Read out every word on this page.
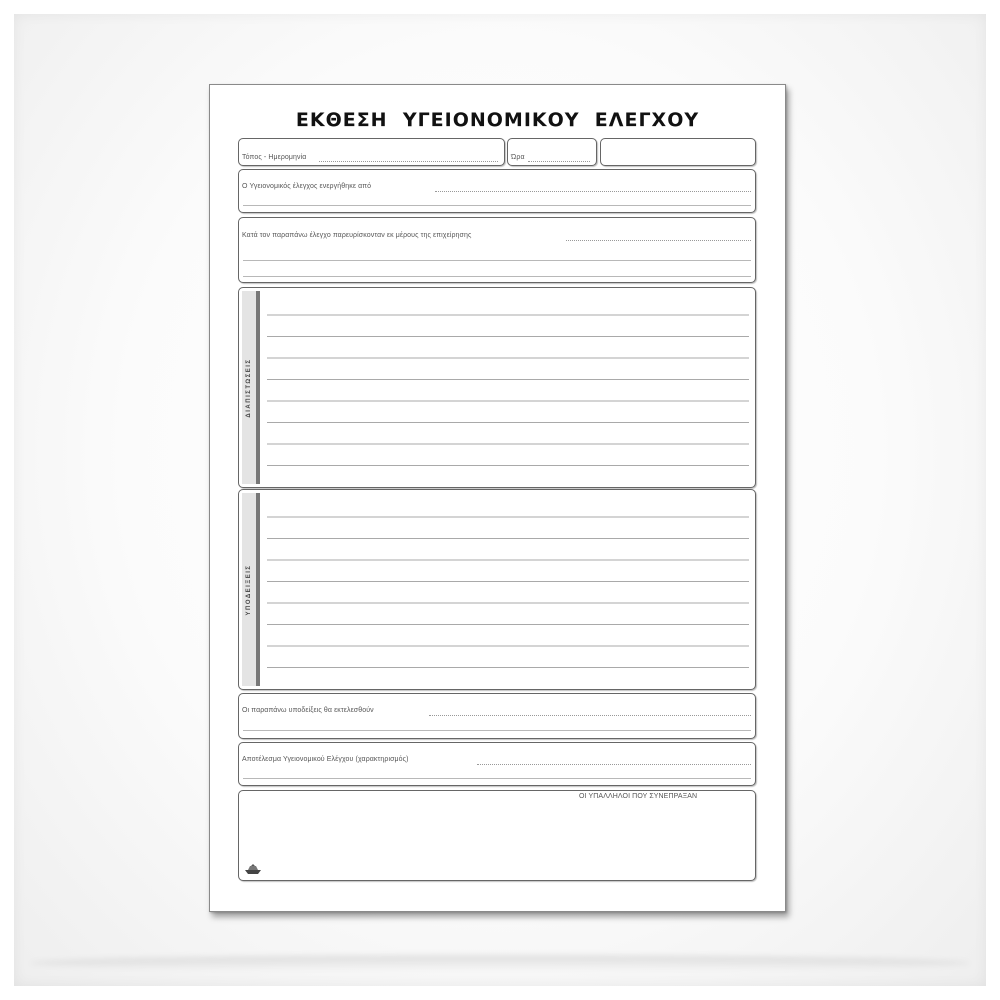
ΕΚΘΕΣΗ  ΥΓΕΙΟΝΟΜΙΚΟΥ  ΕΛΕΓΧΟΥ
Τόπος - Ημερομηνία	Ώρα
Ο Υγειονομικός έλεγχος ενεργήθηκε από
Κατά τον παραπάνω έλεγχο παρευρίσκονταν εκ μέρους της επιχείρησης
ΔΙΑΠΙΣΤΩΣΕΙΣ
ΥΠΟΔΕΙΞΕΙΣ
Οι παραπάνω υποδείξεις θα εκτελεσθούν
Αποτέλεσμα Υγειονομικού Ελέγχου (χαρακτηρισμός)
ΟΙ ΥΠΑΛΛΗΛΟΙ ΠΟΥ ΣΥΝΕΠΡΑΞΑΝ
